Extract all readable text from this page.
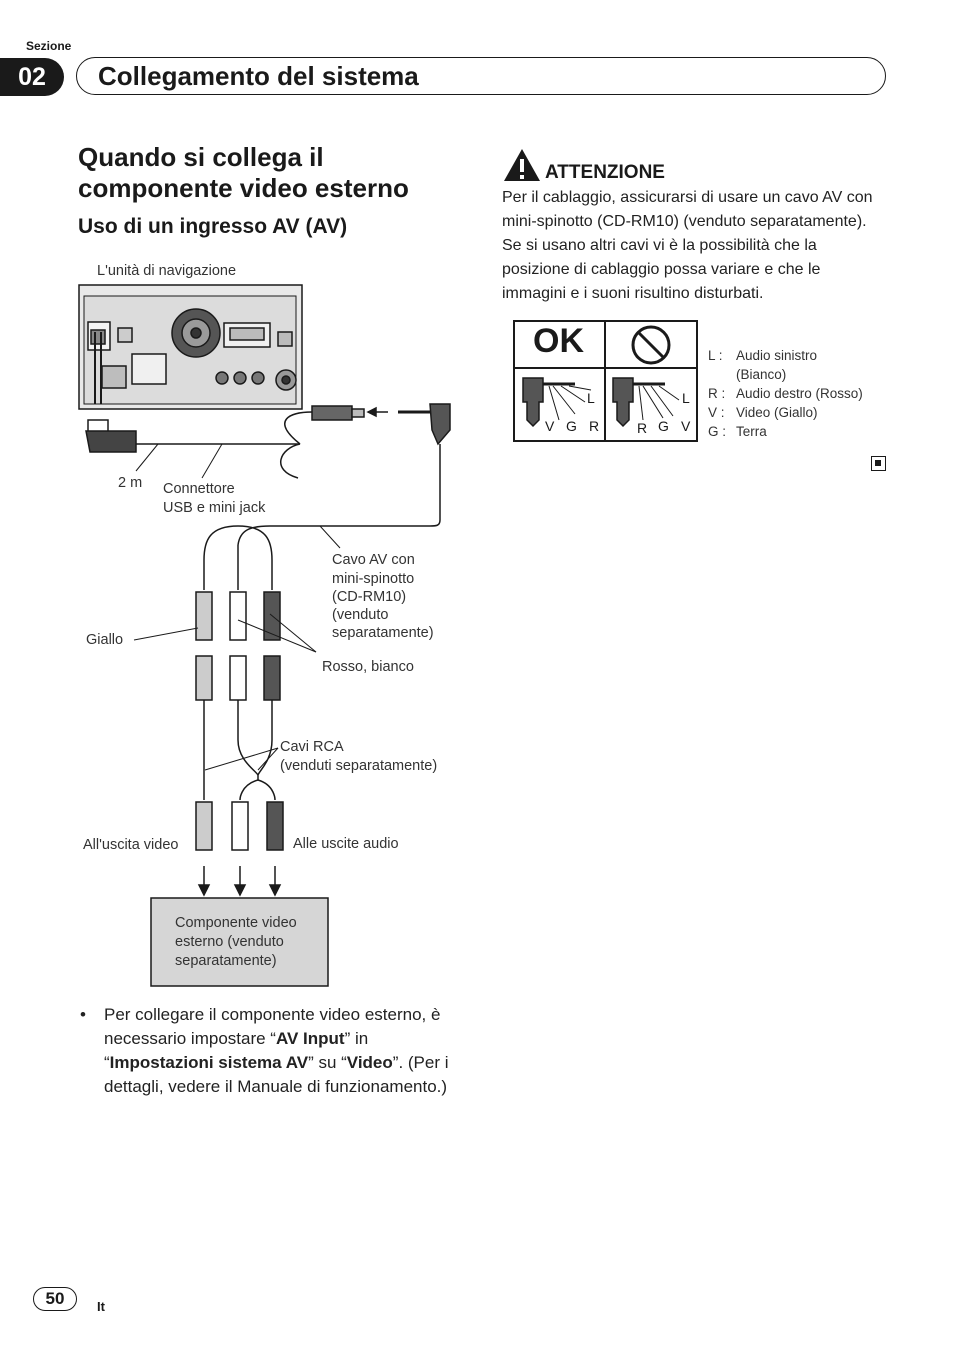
Sezione
02	Collegamento del sistema
Quando si collega il componente video esterno
Uso di un ingresso AV (AV)
L'unità di navigazione
2 m Connettore
USB e mini jack
Cavo AV con
mini-spinotto
(CD-RM10)
(venduto
separatamente)
Giallo
Rosso, bianco
Cavi RCA
(venduti separatamente)
All'uscita video	Alle uscite audio
Componente video
esterno (venduto
separatamente)
• Per collegare il componente video esterno, è necessario impostare “AV Input” in “Impostazioni sistema AV” su “Video”. (Per i dettagli, vedere il Manuale di funzionamento.)
ATTENZIONE
Per il cablaggio, assicurarsi di usare un cavo AV con mini-spinotto (CD-RM10) (venduto separatamente). Se si usano altri cavi vi è la possibilità che la posizione di cablaggio possa variare e che le immagini e i suoni risultino disturbati.
OK
L
V G R
L
R G V
L : Audio sinistro
(Bianco)
R : Audio destro (Rosso)
V : Video (Giallo)
G : Terra
50	It
